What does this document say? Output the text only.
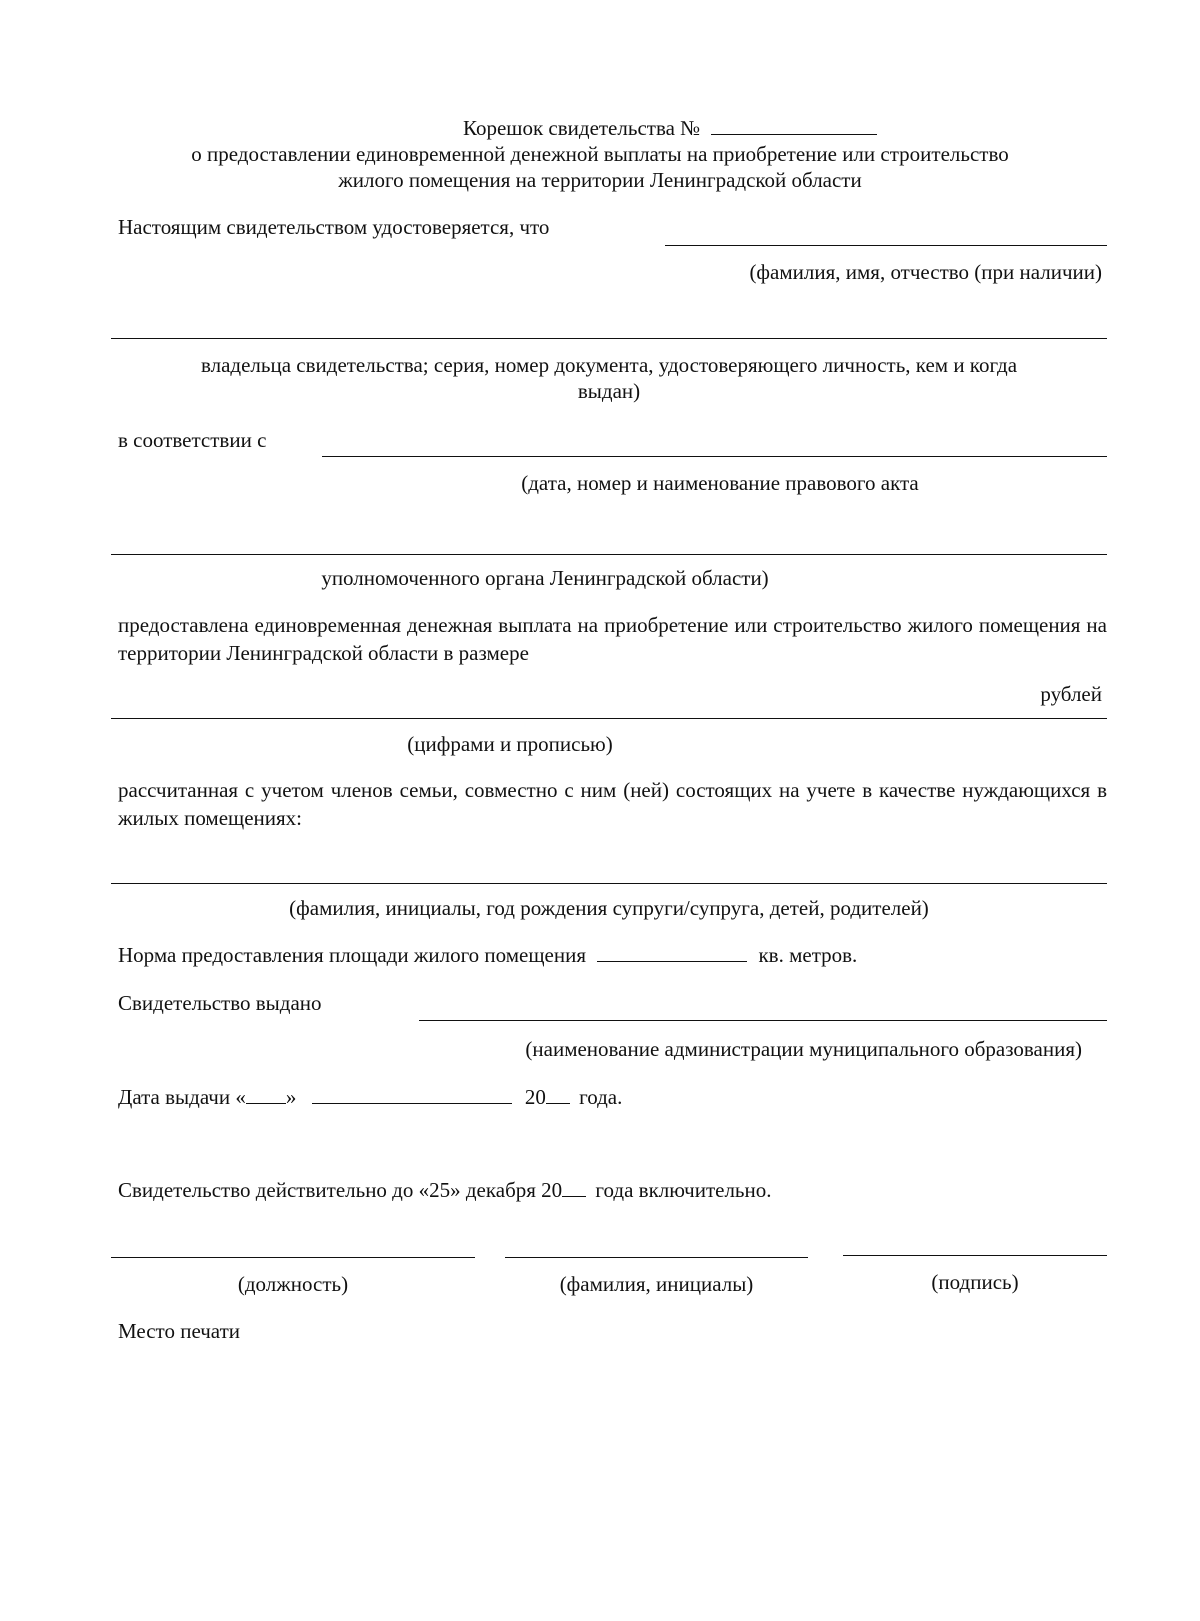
Корешок свидетельства №
о предоставлении единовременной денежной выплаты на приобретение или строительство
жилого помещения на территории Ленинградской области
Настоящим свидетельством удостоверяется, что
(фамилия, имя, отчество (при наличии)
владельца свидетельства; серия, номер документа, удостоверяющего личность, кем и когда
выдан)
в соответствии с
(дата, номер и наименование правового акта
уполномоченного органа Ленинградской области)
предоставлена единовременная денежная выплата на приобретение или строительство жилого помещения на территории Ленинградской области в размере
рублей
(цифрами и прописью)
рассчитанная с учетом членов семьи, совместно с ним (ней) состоящих на учете в качестве нуждающихся в жилых помещениях:
(фамилия, инициалы, год рождения супруги/супруга, детей, родителей)
Норма предоставления площади жилого помещения	кв. метров.
Свидетельство выдано
(наименование администрации муниципального образования)
Дата выдачи « »	20 года.
Свидетельство действительно до «25» декабря 20 года включительно.
(должность)	(фамилия, инициалы)	(подпись)
Место печати
